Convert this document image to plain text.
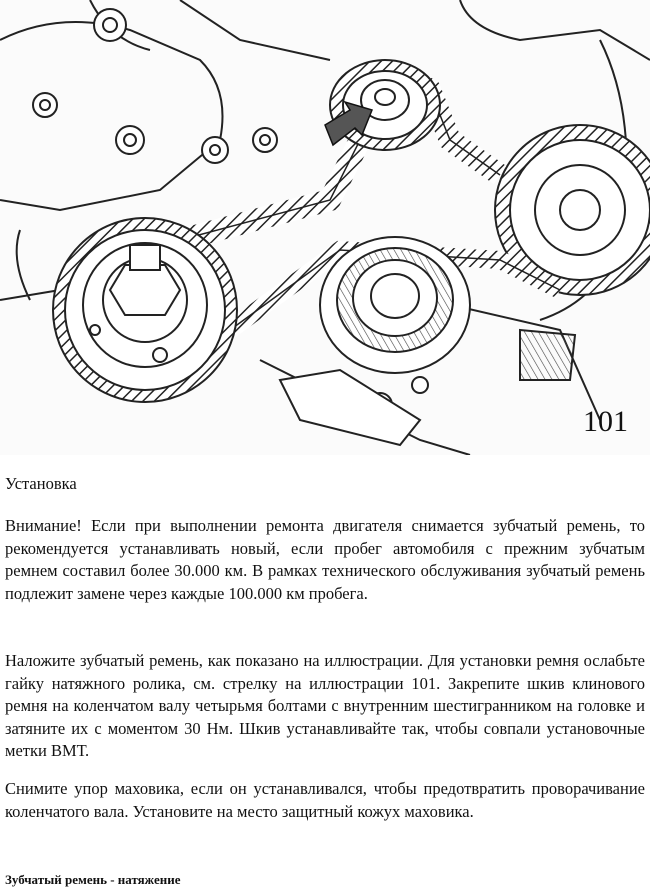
101
Установка

Внимание! Если при выполнении ремонта двигателя снимается зубчатый ремень, то рекомендуется устанавливать новый, если пробег автомобиля с прежним зубчатым ремнем составил более 30.000 км. В рамках технического обслуживания зубчатый ремень подлежит замене через каждые 100.000 км пробега.

Наложите зубчатый ремень, как показано на иллюстрации. Для установки ремня ослабьте гайку натяжного ролика, см. стрелку на иллюстрации 101. Закрепите шкив клинового ремня на коленчатом валу четырьмя болтами с внутренним шестигранником на головке и затяните их с моментом 30 Нм. Шкив устанавливайте так, чтобы совпали установочные метки ВМТ.

Снимите упор маховика, если он устанавливался, чтобы предотвратить проворачивание коленчатого вала. Установите на место защитный кожух маховика.

Зубчатый ремень - натяжение
